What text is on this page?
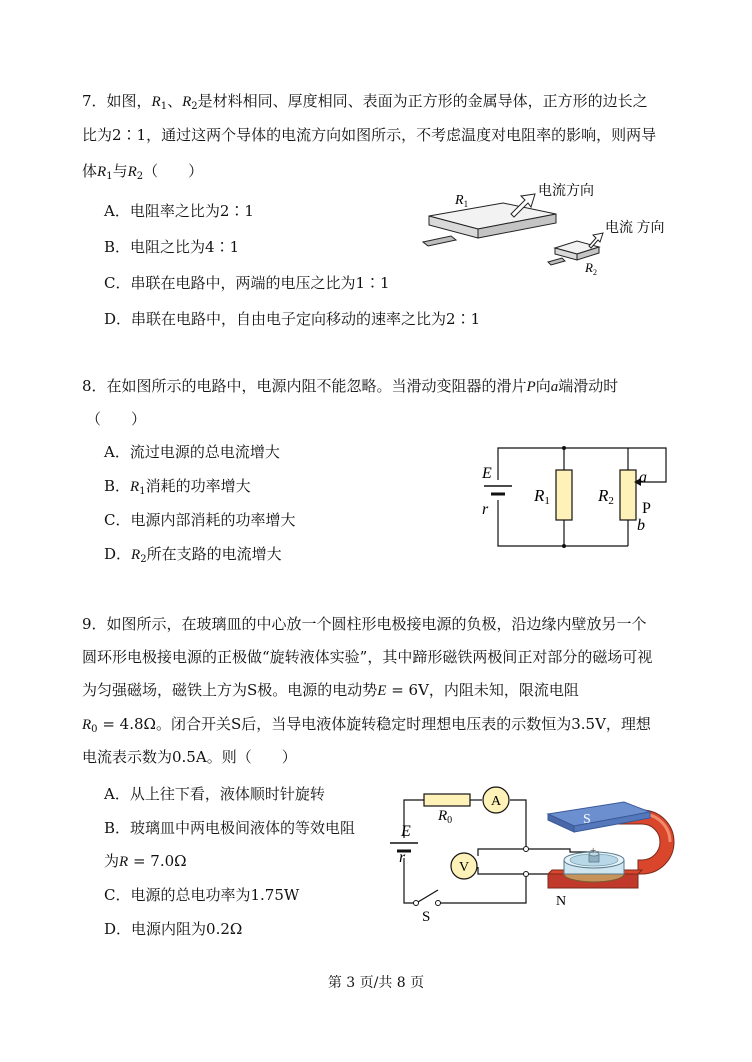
7．如图，$R_1$、$R_2$是材料相同、厚度相同、表面为正方形的金属导体，正方形的边长之
比为2∶1，通过这两个导体的电流方向如图所示，不考虑温度对电阻率的影响，则两导
体$R_1$与$R_2$（　　）
A．电阻率之比为2∶1
B．电阻之比为4∶1
C．串联在电路中，两端的电压之比为1∶1
D．串联在电路中，自由电子定向移动的速率之比为2∶1
$R_1$
电流方向
$R_2$
电流 方向
8．在如图所示的电路中，电源内阻不能忽略。当滑动变阻器的滑片P向a端滑动时
（　　）
A．流过电源的总电流增大
B．$R_1$消耗的功率增大
C．电源内部消耗的功率增大
D．$R_2$所在支路的电流增大
E
r
R1	R2
a
P
b
9．如图所示，在玻璃皿的中心放一个圆柱形电极接电源的负极，沿边缘内壁放另一个
圆环形电极接电源的正极做“旋转液体实验”，其中蹄形磁铁两极间正对部分的磁场可视
为匀强磁场，磁铁上方为S极。电源的电动势E = 6V，内阻未知，限流电阻
$R_0 = 4.8\Omega$。闭合开关S后，当导电液体旋转稳定时理想电压表的示数恒为3.5V，理想
电流表示数为0.5A。则（　　）
A．从上往下看，液体顺时针旋转
B．玻璃皿中两电极间液体的等效电阻
为R = 7.0Ω
C．电源的总电功率为1.75W
D．电源内阻为0.2Ω
A
V
$R_0$
E
r
S
+
S
N
第 3 页/共 8 页
